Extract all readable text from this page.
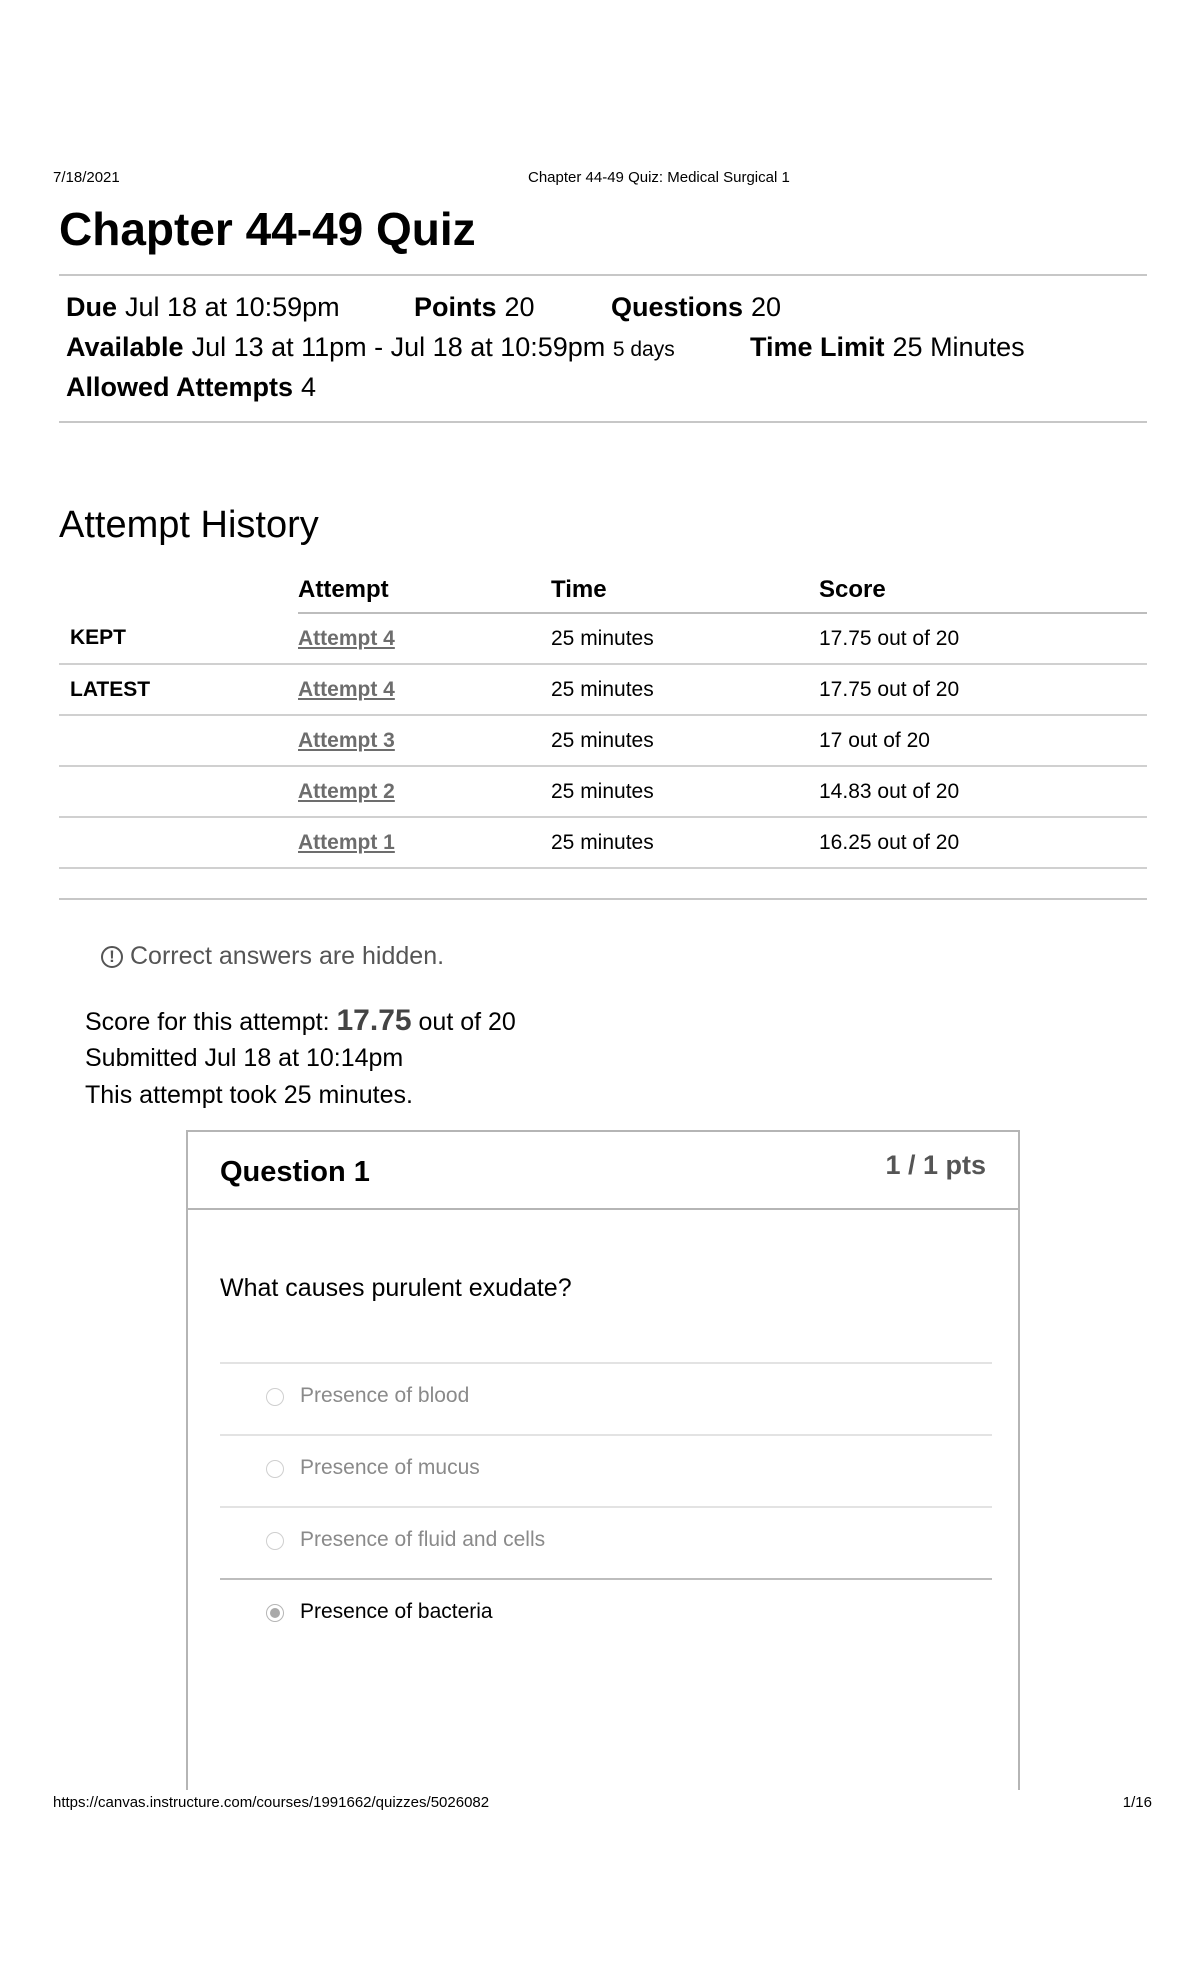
7/18/2021	Chapter 44-49 Quiz: Medical Surgical 1
Chapter 44-49 Quiz
Due Jul 18 at 10:59pm	Points 20	Questions 20
Available Jul 13 at 11pm - Jul 18 at 10:59pm 5 days	Time Limit 25 Minutes
Allowed Attempts 4
Attempt History
	Attempt	Time	Score
KEPT	Attempt 4	25 minutes	17.75 out of 20
LATEST	Attempt 4	25 minutes	17.75 out of 20
	Attempt 3	25 minutes	17 out of 20
	Attempt 2	25 minutes	14.83 out of 20
	Attempt 1	25 minutes	16.25 out of 20
! Correct answers are hidden.
Score for this attempt: 17.75 out of 20
Submitted Jul 18 at 10:14pm
This attempt took 25 minutes.
Question 1	1 / 1 pts
What causes purulent exudate?
Presence of blood
Presence of mucus
Presence of fluid and cells
Presence of bacteria
https://canvas.instructure.com/courses/1991662/quizzes/5026082	1/16
